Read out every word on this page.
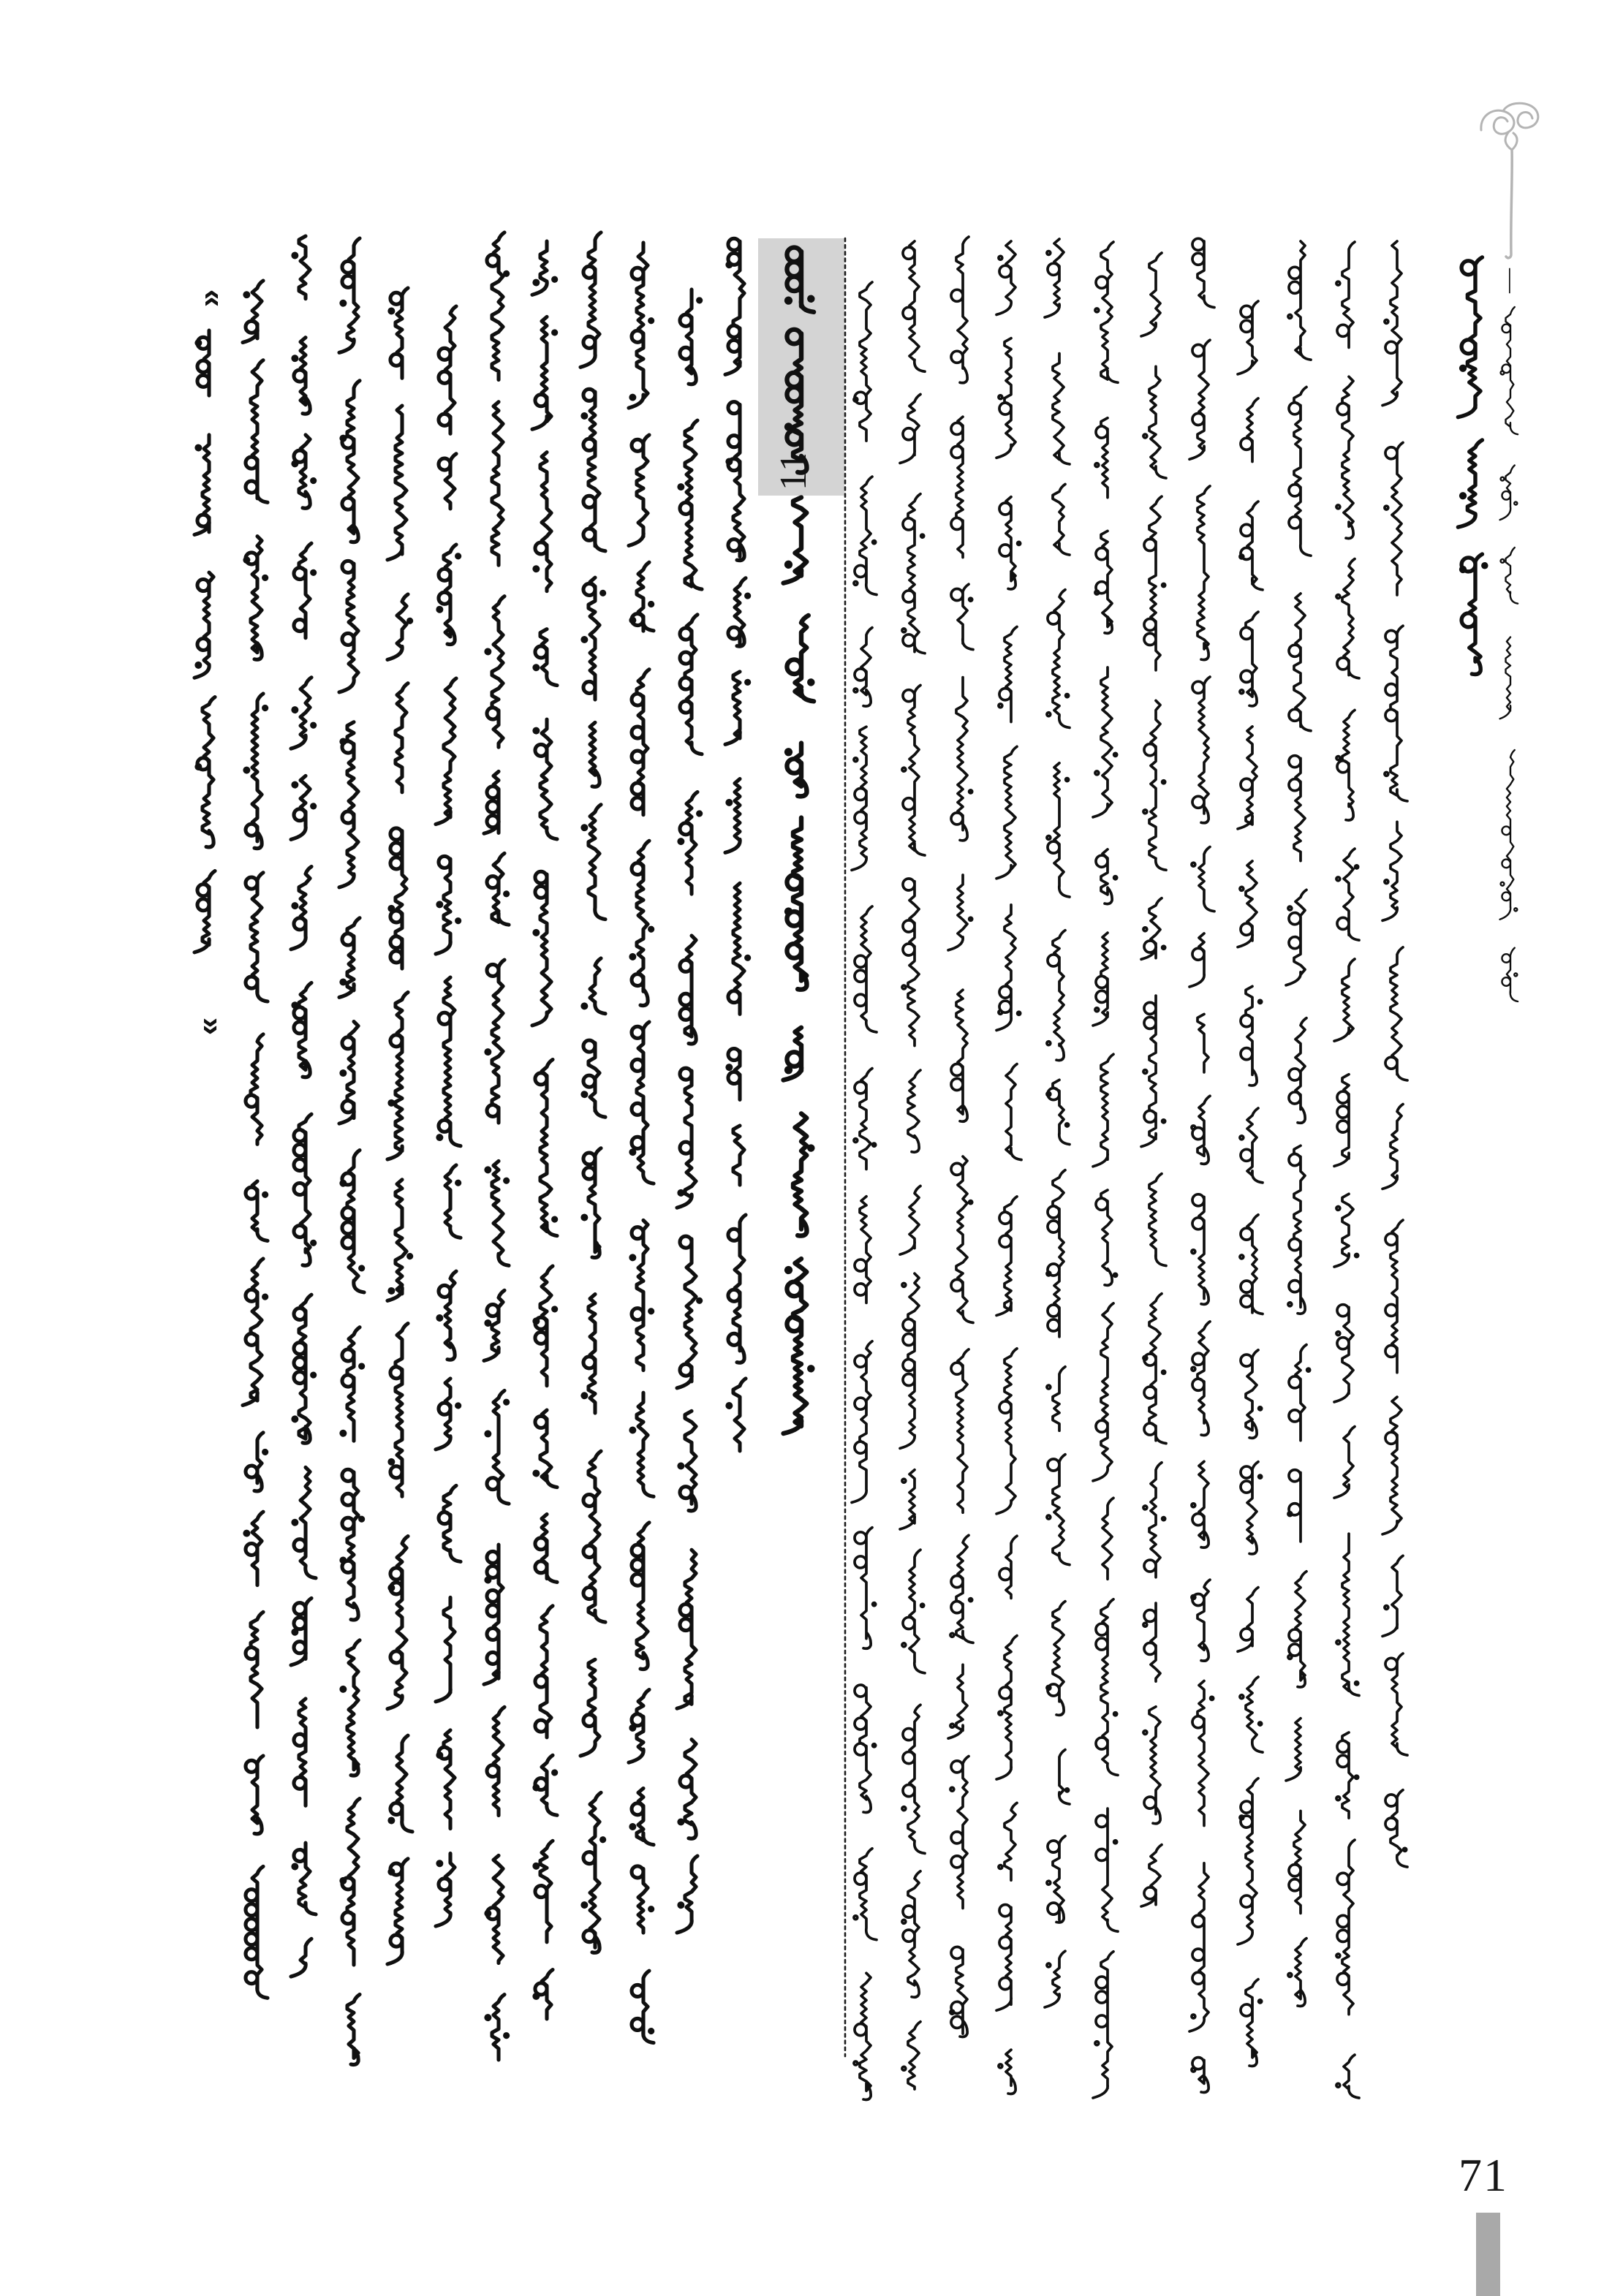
11
—
71
«
»
